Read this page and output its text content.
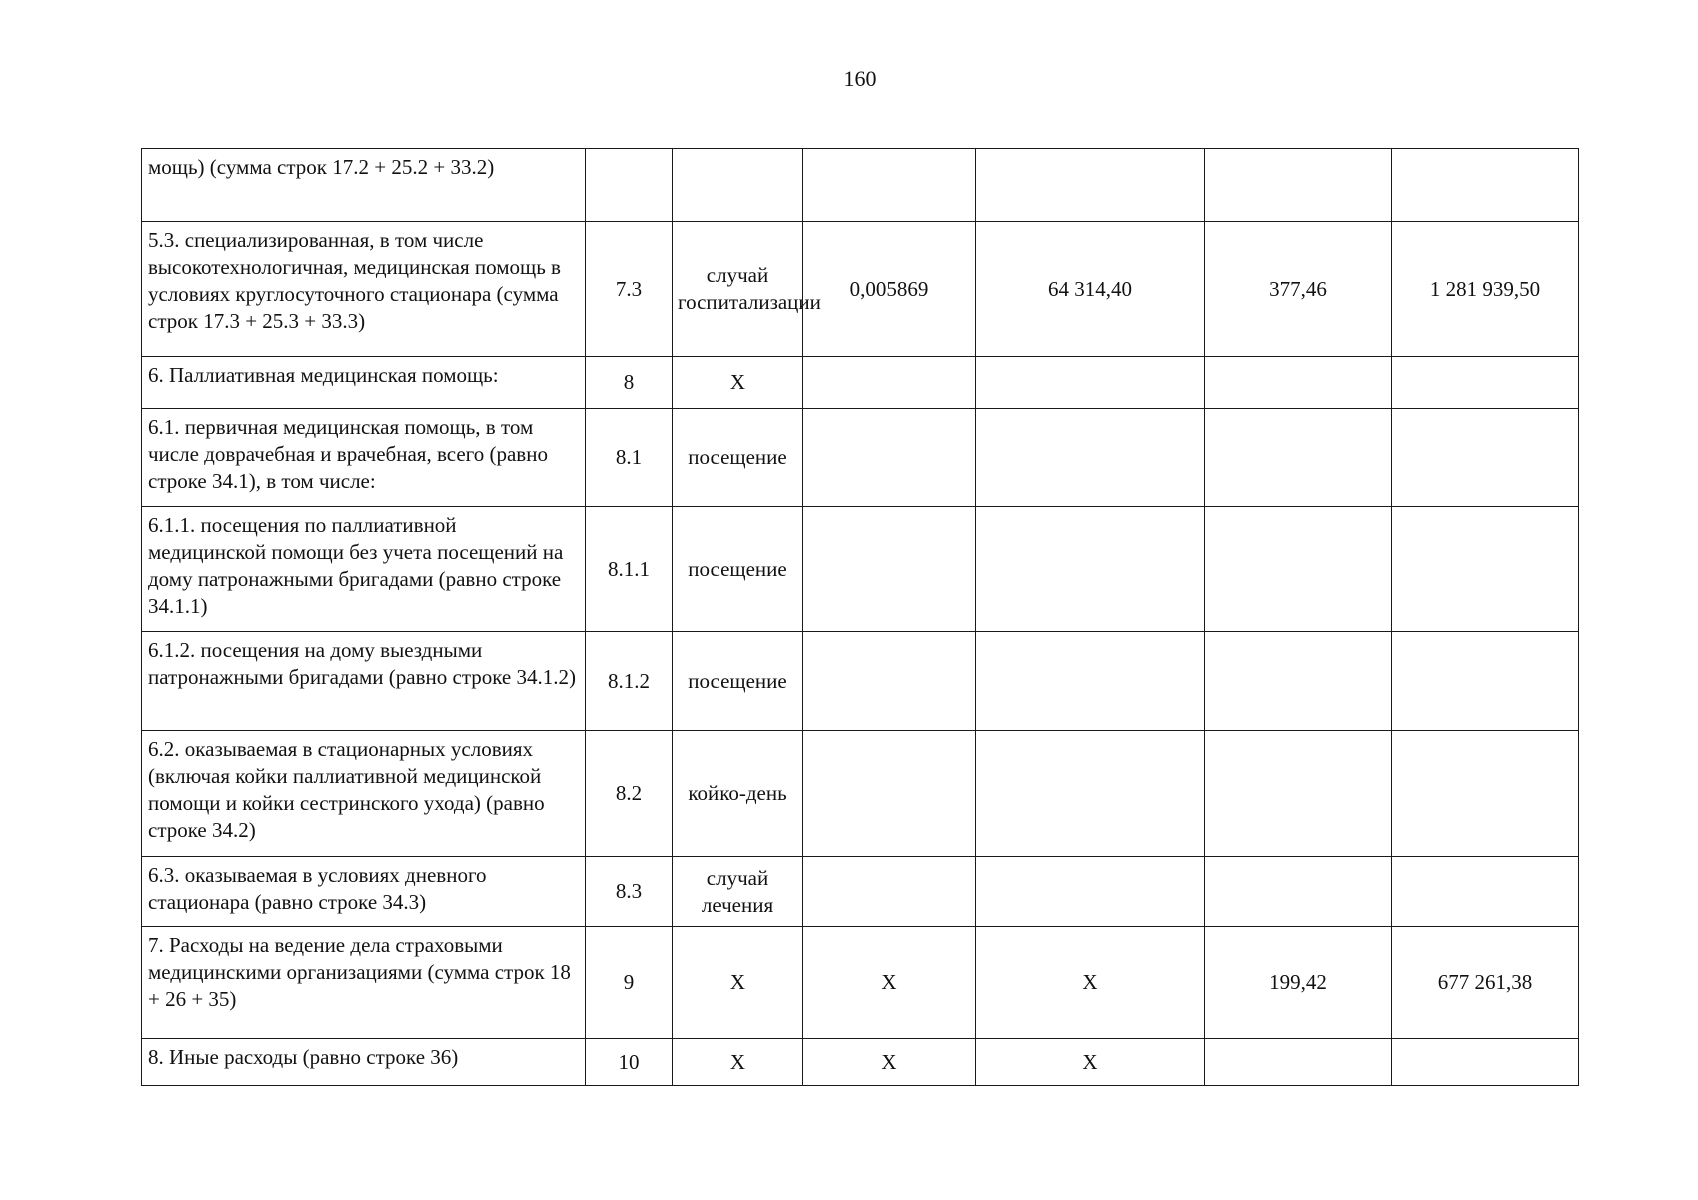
160
мощь) (сумма строк 17.2 + 25.2 + 33.2)						
5.3. специализированная, в том числе высокотехнологичная, медицинская помощь в условиях круглосуточного стационара (сумма строк 17.3 + 25.3 + 33.3)	7.3	случай госпитализации	0,005869	64 314,40	377,46	1 281 939,50
6. Паллиативная медицинская помощь:	8	X				
6.1. первичная медицинская помощь, в том числе доврачебная и врачебная, всего (равно строке 34.1), в том числе:	8.1	посещение				
6.1.1. посещения по паллиативной медицинской помощи без учета посещений на дому патронажными бригадами (равно строке 34.1.1)	8.1.1	посещение				
6.1.2. посещения на дому выездными патронажными бригадами (равно строке 34.1.2)	8.1.2	посещение				
6.2. оказываемая в стационарных условиях (включая койки паллиативной медицинской помощи и койки сестринского ухода) (равно строке 34.2)	8.2	койко-день				
6.3. оказываемая в условиях дневного стационара (равно строке 34.3)	8.3	случай лечения				
7. Расходы на ведение дела страховыми медицинскими организациями (сумма строк 18 + 26 + 35)	9	X	X	X	199,42	677 261,38
8. Иные расходы (равно строке 36)	10	X	X	X		
